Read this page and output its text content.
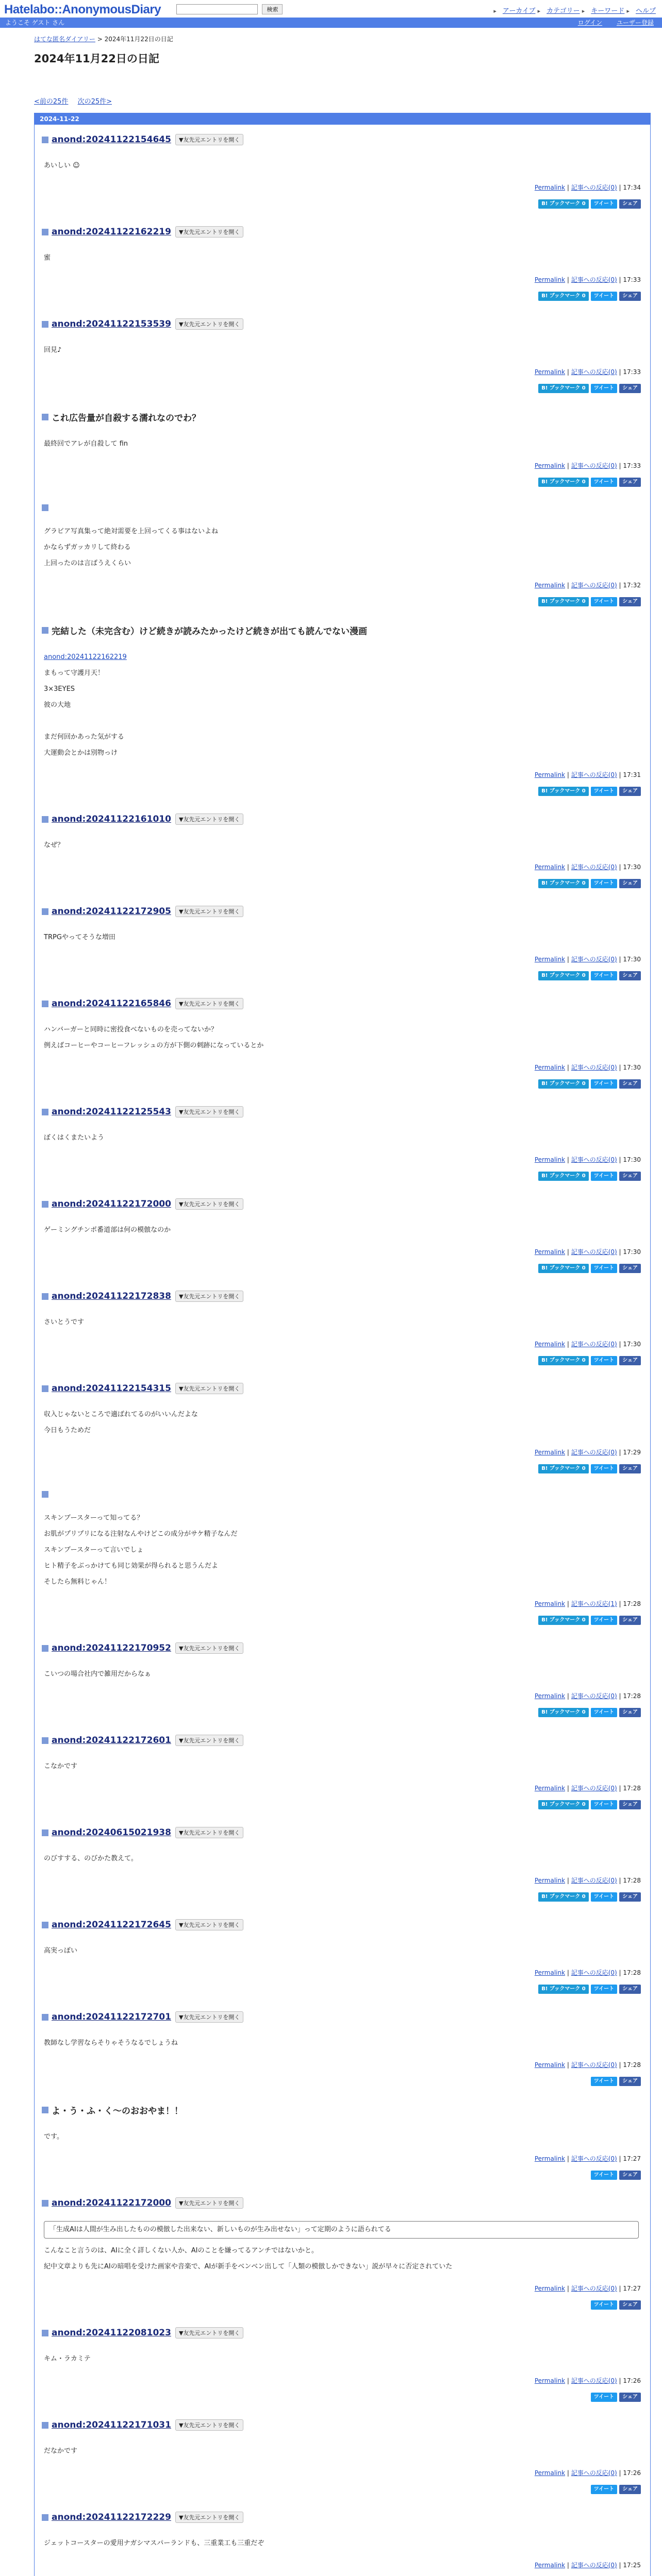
Hatelabo::AnonymousDiary	検索	▸ アーカイブ ▸ カテゴリー ▸ キーワード ▸ ヘルプ
ようこそ ゲスト さん	ログイン ユーザー登録
はてな匿名ダイアリー > 2024年11月22日の日記
2024年11月22日の日記
<前の25件 次の25件>
2024-11-22
anond:20241122154645	▼友先元エントリを開く

あいしい ☺

Permalink | 記事への反応(0) | 17:34
B! ブックマーク 0 ツイート シェア
anond:20241122162219	▼友先元エントリを開く

蜜

Permalink | 記事への反応(0) | 17:33
B! ブックマーク 0 ツイート シェア
anond:20241122153539	▼友先元エントリを開く

回見♪

Permalink | 記事への反応(0) | 17:33
B! ブックマーク 0 ツイート シェア
これ広告量が自殺する濡れなのでわ？

最終回でアレが自殺して fin

Permalink | 記事への反応(0) | 17:33
B! ブックマーク 0 ツイート シェア

グラビア写真集って絶対需要を上回ってくる事はないよね

かならずガッカリして終わる

上回ったのは言ばうえくらい

Permalink | 記事への反応(0) | 17:32
B! ブックマーク 0 ツイート シェア
完結した（未完含む）けど続きが読みたかったけど続きが出ても読んでない漫画

anond:20241122162219

まもって守護月天！

3×3EYES

彼の大地

まだ何回かあった気がする

大運動会とかは別物っけ

Permalink | 記事への反応(0) | 17:31
B! ブックマーク 0 ツイート シェア
anond:20241122161010	▼友先元エントリを開く

なぜ？

Permalink | 記事への反応(0) | 17:30
B! ブックマーク 0 ツイート シェア
anond:20241122172905	▼友先元エントリを開く

TRPGやってそうな増田

Permalink | 記事への反応(0) | 17:30
B! ブックマーク 0 ツイート シェア
anond:20241122165846	▼友先元エントリを開く

ハンバーガーと同時に密投食べないものを売ってないか？

例えばコーヒーやコーヒーフレッシュの方が下側の刺跡になっているとか

Permalink | 記事への反応(0) | 17:30
B! ブックマーク 0 ツイート シェア
anond:20241122125543	▼友先元エントリを開く

ぼくはくまたいよう

Permalink | 記事への反応(0) | 17:30
B! ブックマーク 0 ツイート シェア
anond:20241122172000	▼友先元エントリを開く

ゲーミングチンポ番道部は何の模倣なのか

Permalink | 記事への反応(0) | 17:30
B! ブックマーク 0 ツイート シェア
anond:20241122172838	▼友先元エントリを開く

さいとうです

Permalink | 記事への反応(0) | 17:30
B! ブックマーク 0 ツイート シェア
anond:20241122154315	▼友先元エントリを開く

収入じゃないところで適ばれてるのがいいんだよな

今日もうためだ

Permalink | 記事への反応(0) | 17:29
B! ブックマーク 0 ツイート シェア

スキンブースターって知ってる？

お肌がプリプリになる注射なんやけどこの成分がサケ精子なんだ

スキンブースターって言いでしょ

ヒト精子をぶっかけても同じ効果が得られると思うんだよ

そしたら無料じゃん！

Permalink | 記事への反応(1) | 17:28
B! ブックマーク 0 ツイート シェア
anond:20241122170952	▼友先元エントリを開く

こいつの場合社内で雑用だからなぁ

Permalink | 記事への反応(0) | 17:28
B! ブックマーク 0 ツイート シェア
anond:20241122172601	▼友先元エントリを開く

こなかです

Permalink | 記事への反応(0) | 17:28
B! ブックマーク 0 ツイート シェア
anond:20240615021938	▼友先元エントリを開く

のびすする、のびかた教えて。

Permalink | 記事への反応(0) | 17:28
B! ブックマーク 0 ツイート シェア
anond:20241122172645	▼友先元エントリを開く

高実っぽい

Permalink | 記事への反応(0) | 17:28
B! ブックマーク 0 ツイート シェア
anond:20241122172701	▼友先元エントリを開く

教師なし学習ならそりゃそうなるでしょうね

Permalink | 記事への反応(0) | 17:28
ツイート シェア
よ・う・ふ・く〜のおおやま！！

です。

Permalink | 記事への反応(0) | 17:27
ツイート シェア
anond:20241122172000	▼友先元エントリを開く
「生成AIは人間が生み出したものの模倣した出来ない、新しいものが生み出せない」って定期のように語られてる

こんなこと言うのは、AIに全く詳しくない人か、AIのことを嫌ってるアンチではないかと。

紀中文章よりも先にAIの暗唱を受けた画家や音楽で、AIが新手をベンベン出して「人類の模倣しかできない」説が早々に否定されていた

Permalink | 記事への反応(0) | 17:27
ツイート シェア
anond:20241122081023	▼友先元エントリを開く

キム・ラカミテ

Permalink | 記事への反応(0) | 17:26
ツイート シェア
anond:20241122171031	▼友先元エントリを開く

だなかです

Permalink | 記事への反応(0) | 17:26
ツイート シェア
anond:20241122172229	▼友先元エントリを開く

ジェットコースターの愛用ナガシマスパーランドも、三重業工も三重だぞ

Permalink | 記事への反応(0) | 17:25
